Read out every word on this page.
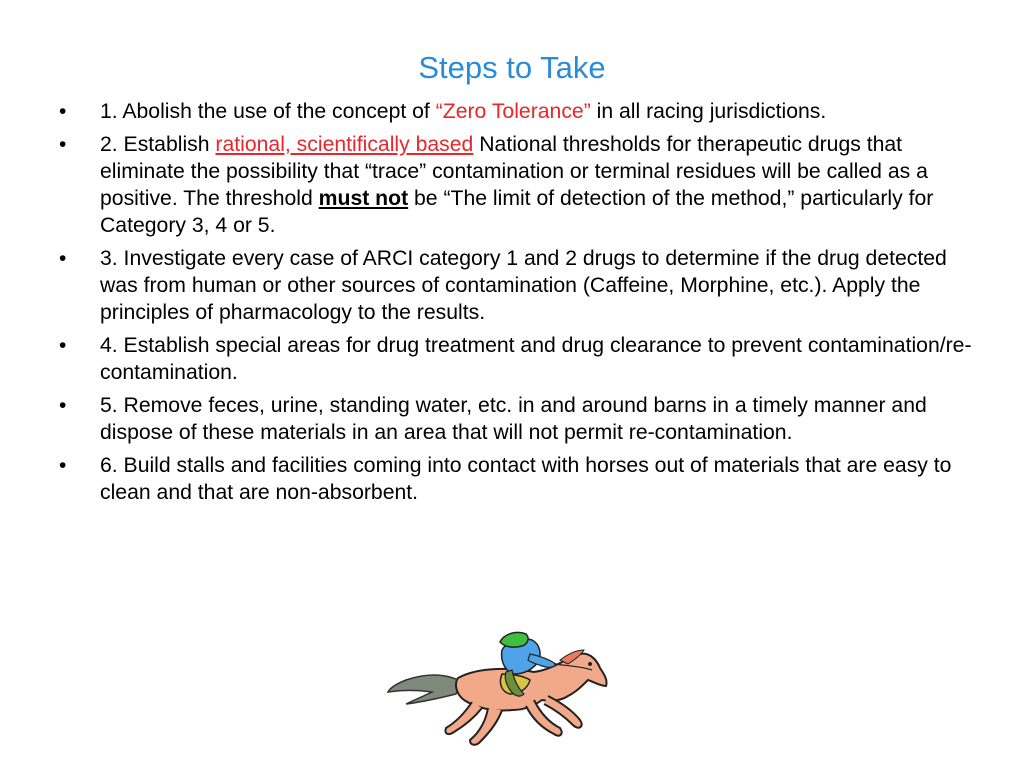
Steps to Take
•	1. Abolish the use of the concept of “Zero Tolerance” in all racing jurisdictions.
•	2. Establish rational, scientifically based National thresholds for therapeutic drugs that eliminate the possibility that “trace” contamination or terminal residues will be called as a positive. The threshold must not be “The limit of detection of the method,” particularly for Category 3, 4 or 5.
•	3. Investigate every case of ARCI category 1 and 2 drugs to determine if the drug detected was from human or other sources of contamination (Caffeine, Morphine, etc.). Apply the principles of pharmacology to the results.
•	4. Establish special areas for drug treatment and drug clearance to prevent contamination/re-contamination.
•	5. Remove feces, urine, standing water, etc. in and around barns in a timely manner and dispose of these materials in an area that will not permit re-contamination.
•	6. Build stalls and facilities coming into contact with horses out of materials that are easy to clean and that are non-absorbent.
